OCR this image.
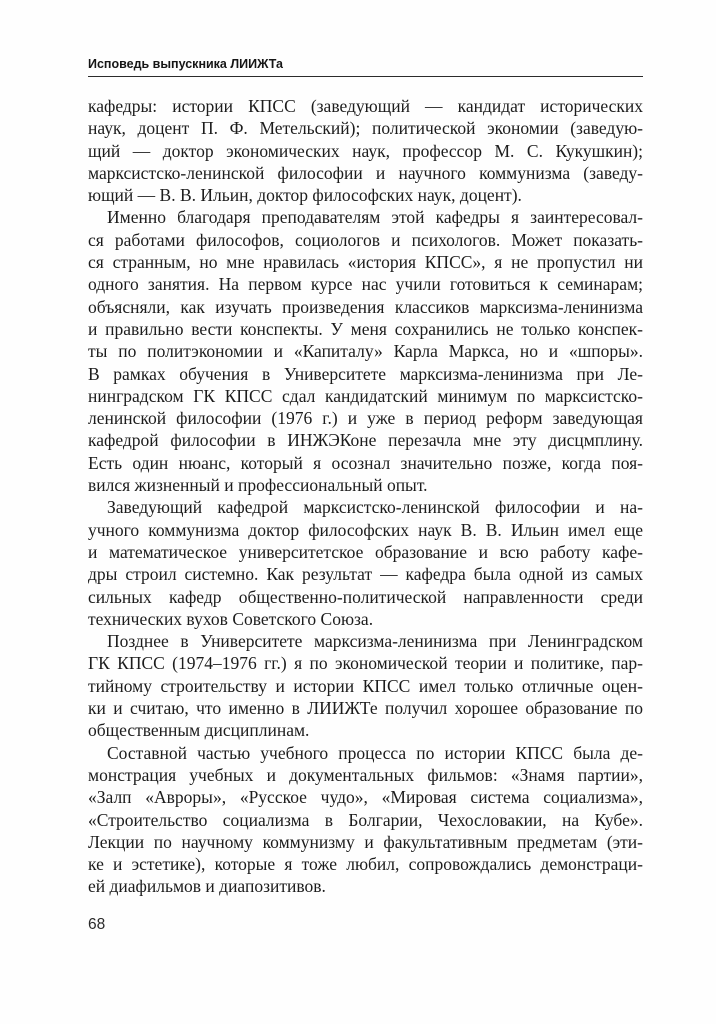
Исповедь выпускника ЛИИЖТа
кафедры: истории КПСС (заведующий — кандидат исторических
наук, доцент П. Ф. Метельский); политической экономии (заведую-
щий — доктор экономических наук, профессор М. С. Кукушкин);
марксистско-ленинской философии и научного коммунизма (заведу-
ющий — В. В. Ильин, доктор философских наук, доцент).
Именно благодаря преподавателям этой кафедры я заинтересовал-
ся работами философов, социологов и психологов. Может показать-
ся странным, но мне нравилась «история КПСС», я не пропустил ни
одного занятия. На первом курсе нас учили готовиться к семинарам;
объясняли, как изучать произведения классиков марксизма-ленинизма
и правильно вести конспекты. У меня сохранились не только конспек-
ты по политэкономии и «Капиталу» Карла Маркса, но и «шпоры».
В рамках обучения в Университете марксизма-ленинизма при Ле-
нинградском ГК КПСС сдал кандидатский минимум по марксистско-
ленинской философии (1976 г.) и уже в период реформ заведующая
кафедрой философии в ИНЖЭКоне перезачла мне эту дисцмплину.
Есть один нюанс, который я осознал значительно позже, когда поя-
вился жизненный и профессиональный опыт.
Заведующий кафедрой марксистско-ленинской философии и на-
учного коммунизма доктор философских наук В. В. Ильин имел еще
и математическое университетское образование и всю работу кафе-
дры строил системно. Как результат — кафедра была одной из самых
сильных кафедр общественно-политической направленности среди
технических вухов Советского Союза.
Позднее в Университете марксизма-ленинизма при Ленинградском
ГК КПСС (1974–1976 гг.) я по экономической теории и политике, пар-
тийному строительству и истории КПСС имел только отличные оцен-
ки и считаю, что именно в ЛИИЖТе получил хорошее образование по
общественным дисциплинам.
Составной частью учебного процесса по истории КПСС была де-
монстрация учебных и документальных фильмов: «Знамя партии»,
«Залп «Авроры», «Русское чудо», «Мировая система социализма»,
«Строительство социализма в Болгарии, Чехословакии, на Кубе».
Лекции по научному коммунизму и факультативным предметам (эти-
ке и эстетике), которые я тоже любил, сопровождались демонстраци-
ей диафильмов и диапозитивов.
68
